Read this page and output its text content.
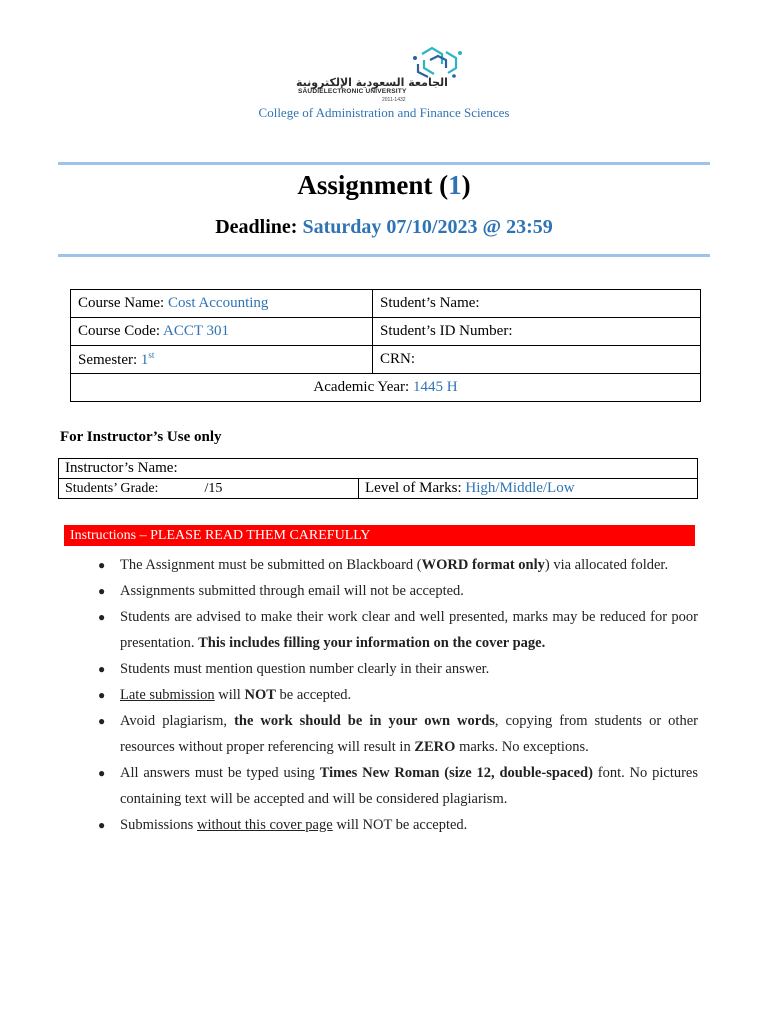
الجامعة السعودية الإلكترونية
SAUDIELECTRONIC UNIVERSITY
2011-1432
College of Administration and Finance Sciences
Assignment (1)
Deadline: Saturday 07/10/2023 @ 23:59
Course Name: Cost Accounting	Student’s Name:
Course Code: ACCT 301	Student’s ID Number:
Semester: 1st	CRN:
Academic Year: 1445 H	
For Instructor’s Use only
Instructor’s Name:
Students’ Grade:	/15	Level of Marks: High/Middle/Low
Instructions – PLEASE READ THEM CAREFULLY
● The Assignment must be submitted on Blackboard (WORD format only) via allocated folder.
● Assignments submitted through email will not be accepted.
● Students are advised to make their work clear and well presented, marks may be reduced for poor presentation. This includes filling your information on the cover page.
● Students must mention question number clearly in their answer.
● Late submission will NOT be accepted.
● Avoid plagiarism, the work should be in your own words, copying from students or other resources without proper referencing will result in ZERO marks. No exceptions.
● All answers must be typed using Times New Roman (size 12, double-spaced) font. No pictures containing text will be accepted and will be considered plagiarism.
● Submissions without this cover page will NOT be accepted.
